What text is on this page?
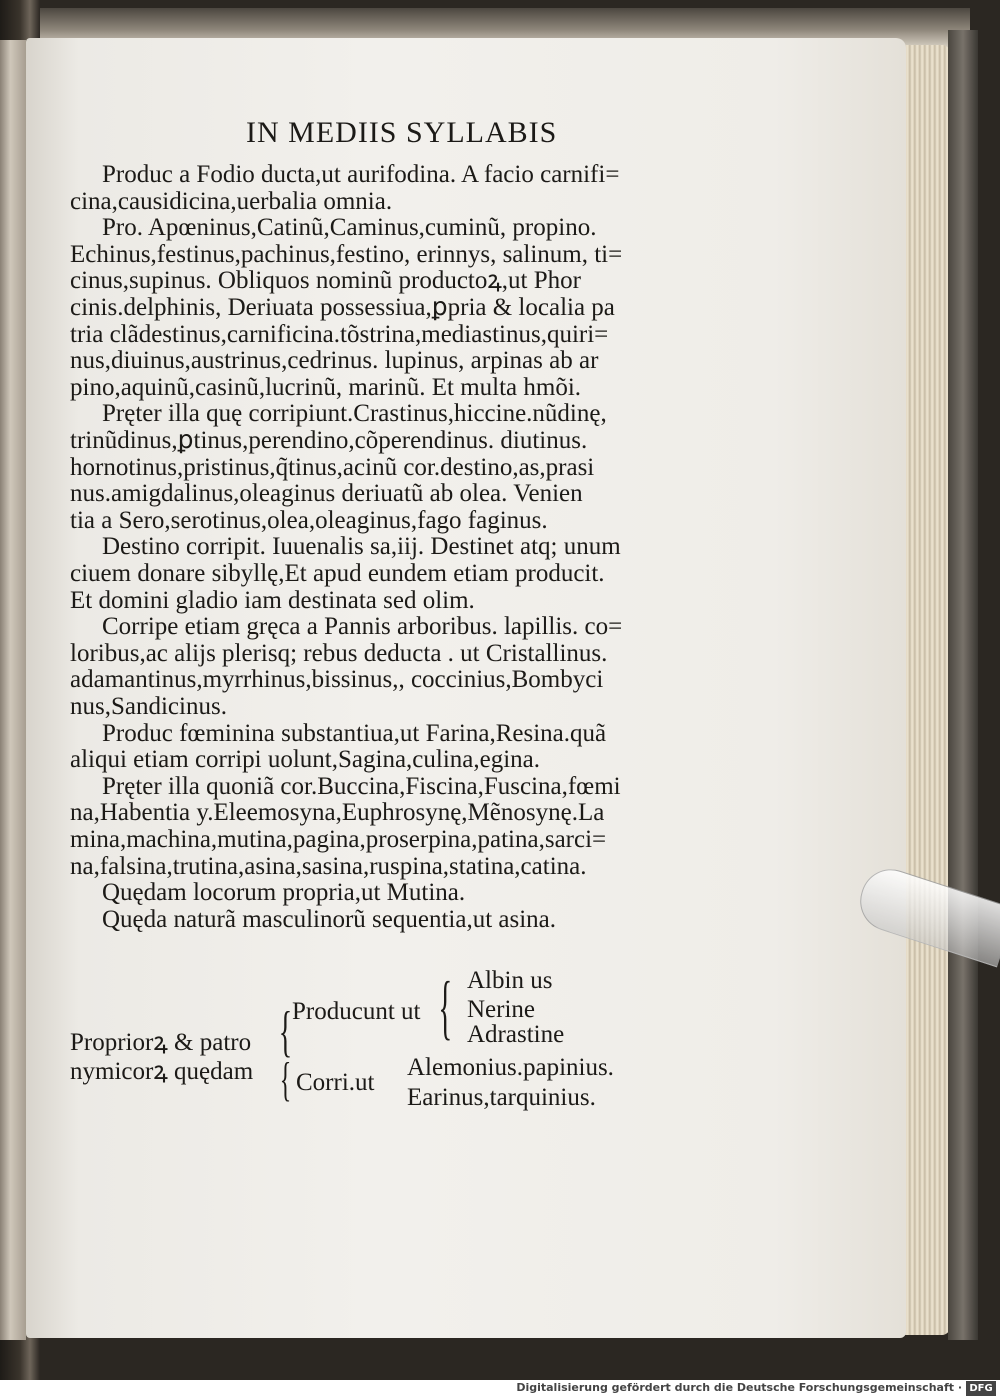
IN MEDIIS SYLLABIS
Produc a Fodio ducta,ut aurifodina. A facio carnifi=
cina,causidicina,uerbalia omnia.
Pro. Apœninus,Catinũ,Caminus,cuminũ, propino.
Echinus,festinus,pachinus,festino, erinnys, salinum, ti=
cinus,supinus. Obliquos nominũ productoꝝ,ut Phor
cinis.delphinis, Deriuata possessiua,ꝑpria & localia pa
tria clãdestinus,carnificina.tõstrina,mediastinus,quiri=
nus,diuinus,austrinus,cedrinus. lupinus, arpinas ab ar
pino,aquinũ,casinũ,lucrinũ, marinũ. Et multa hmõi.
Pręter illa quę corripiunt.Crastinus,hiccine.nũdinę,
trinũdinus,ꝑtinus,perendino,cõperendinus. diutinus.
hornotinus,pristinus,q̃tinus,acinũ cor.destino,as,prasi
nus.amigdalinus,oleaginus deriuatũ ab olea. Venien
tia a Sero,serotinus,olea,oleaginus,fago faginus.
Destino corripit. Iuuenalis sa,iij. Destinet atq; unum
ciuem donare sibyllę,Et apud eundem etiam producit.
Et domini gladio iam destinata sed olim.
Corripe etiam gręca a Pannis arboribus. lapillis. co=
loribus,ac alijs plerisq; rebus deducta . ut Cristallinus.
adamantinus,myrrhinus,bissinus,, coccinius,Bombyci
nus,Sandicinus.
Produc fœminina substantiua,ut Farina,Resina.quã
aliqui etiam corripi uolunt,Sagina,culina,egina.
Pręter illa quoniã cor.Buccina,Fiscina,Fuscina,fœmi
na,Habentia y.Eleemosyna,Euphrosynę,Mẽnosynę.La
mina,machina,mutina,pagina,proserpina,patina,sarci=
na,falsina,trutina,asina,sasina,ruspina,statina,catina.
Quędam locorum propria,ut Mutina.
Quęda naturã masculinorũ sequentia,ut asina.
Propriorꝝ & patro
nymicorꝝ quędam
{
{
Producunt ut { Albin us
Nerine
Adrastine
Corri.ut
Alemonius.papinius.
Earinus,tarquinius.
Digitalisierung gefördert durch die Deutsche Forschungsgemeinschaft · DFG
